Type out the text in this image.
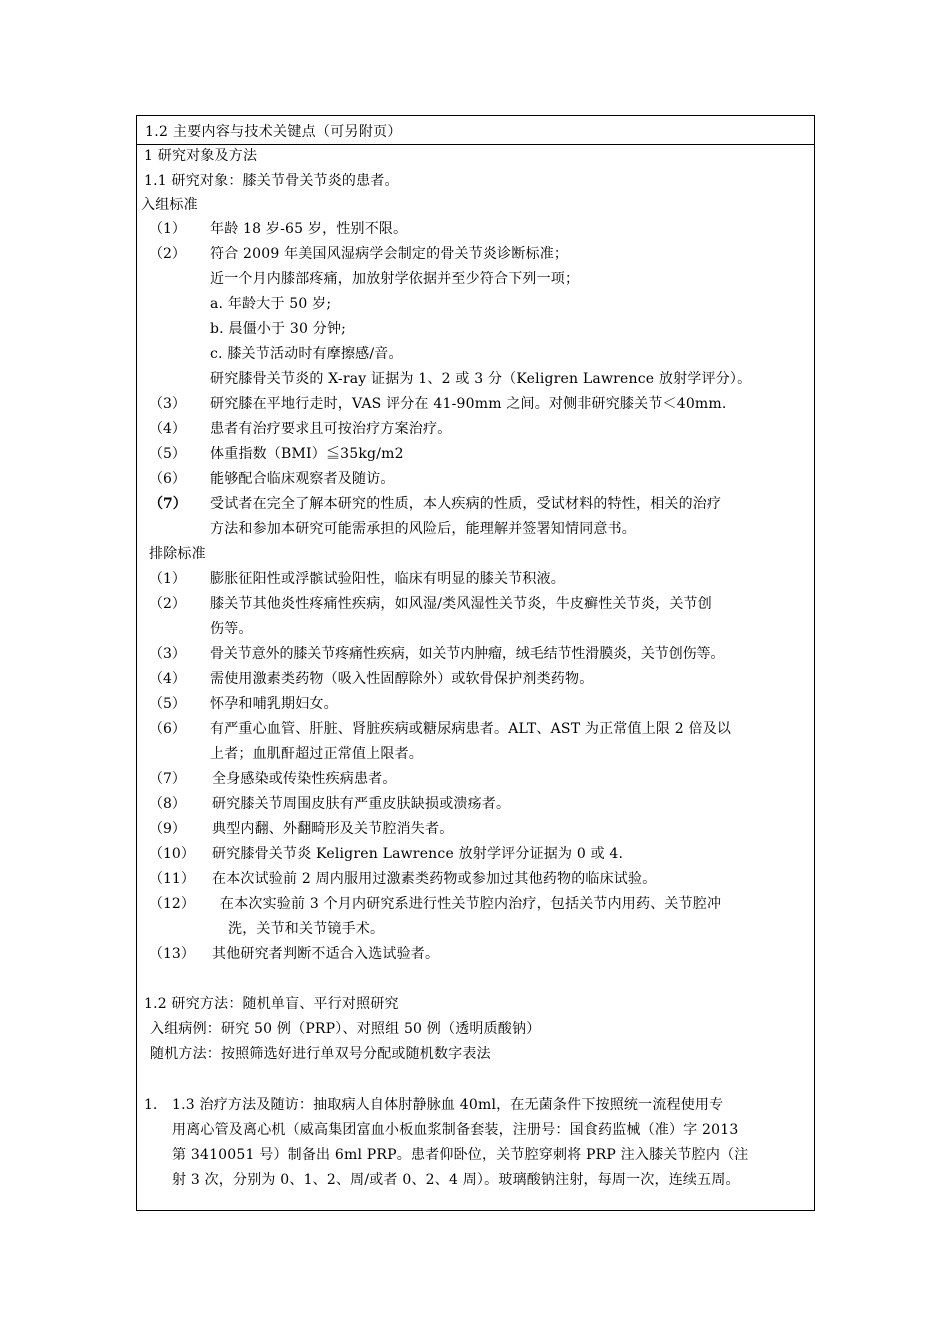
1.2 主要内容与技术关键点（可另附页）
1 研究对象及方法
1.1 研究对象：膝关节骨关节炎的患者。
入组标准
（1） 年龄 18 岁-65 岁，性别不限。
（2） 符合 2009 年美国风湿病学会制定的骨关节炎诊断标准；
近一个月内膝部疼痛，加放射学依据并至少符合下列一项；
a. 年龄大于 50 岁;
b. 晨僵小于 30 分钟;
c. 膝关节活动时有摩擦感/音。
研究膝骨关节炎的 X-ray 证据为 1、2 或 3 分（Keligren Lawrence 放射学评分）。
（3） 研究膝在平地行走时，VAS 评分在 41-90mm 之间。对侧非研究膝关节＜40mm.
（4） 患者有治疗要求且可按治疗方案治疗。
（5） 体重指数（BMI）≦35kg/m2
（6） 能够配合临床观察者及随访。
（7） 受试者在完全了解本研究的性质，本人疾病的性质，受试材料的特性，相关的治疗
方法和参加本研究可能需承担的风险后，能理解并签署知情同意书。
排除标准
（1） 膨胀征阳性或浮髌试验阳性，临床有明显的膝关节积液。
（2） 膝关节其他炎性疼痛性疾病，如风湿/类风湿性关节炎，牛皮癣性关节炎，关节创
伤等。
（3） 骨关节意外的膝关节疼痛性疾病，如关节内肿瘤，绒毛结节性滑膜炎，关节创伤等。
（4） 需使用激素类药物（吸入性固醇除外）或软骨保护剂类药物。
（5） 怀孕和哺乳期妇女。
（6） 有严重心血管、肝脏、肾脏疾病或糖尿病患者。ALT、AST 为正常值上限 2 倍及以
上者；血肌酐超过正常值上限者。
（7） 全身感染或传染性疾病患者。
（8） 研究膝关节周围皮肤有严重皮肤缺损或溃疡者。
（9） 典型内翻、外翻畸形及关节腔消失者。
（10） 研究膝骨关节炎 Keligren Lawrence 放射学评分证据为 0 或 4.
（11） 在本次试验前 2 周内服用过激素类药物或参加过其他药物的临床试验。
（12） 在本次实验前 3 个月内研究系进行性关节腔内治疗，包括关节内用药、关节腔冲
洗，关节和关节镜手术。
（13） 其他研究者判断不适合入选试验者。
1.2 研究方法：随机单盲、平行对照研究
入组病例：研究 50 例（PRP）、对照组 50 例（透明质酸钠）
随机方法：按照筛选好进行单双号分配或随机数字表法
1. 1.3 治疗方法及随访：抽取病人自体肘静脉血 40ml，在无菌条件下按照统一流程使用专
用离心管及离心机（威高集团富血小板血浆制备套装，注册号：国食药监械（准）字 2013
第 3410051 号）制备出 6ml PRP。患者仰卧位，关节腔穿刺将 PRP 注入膝关节腔内（注
射 3 次，分别为 0、1、2、周/或者 0、2、4 周）。玻璃酸钠注射，每周一次，连续五周。
